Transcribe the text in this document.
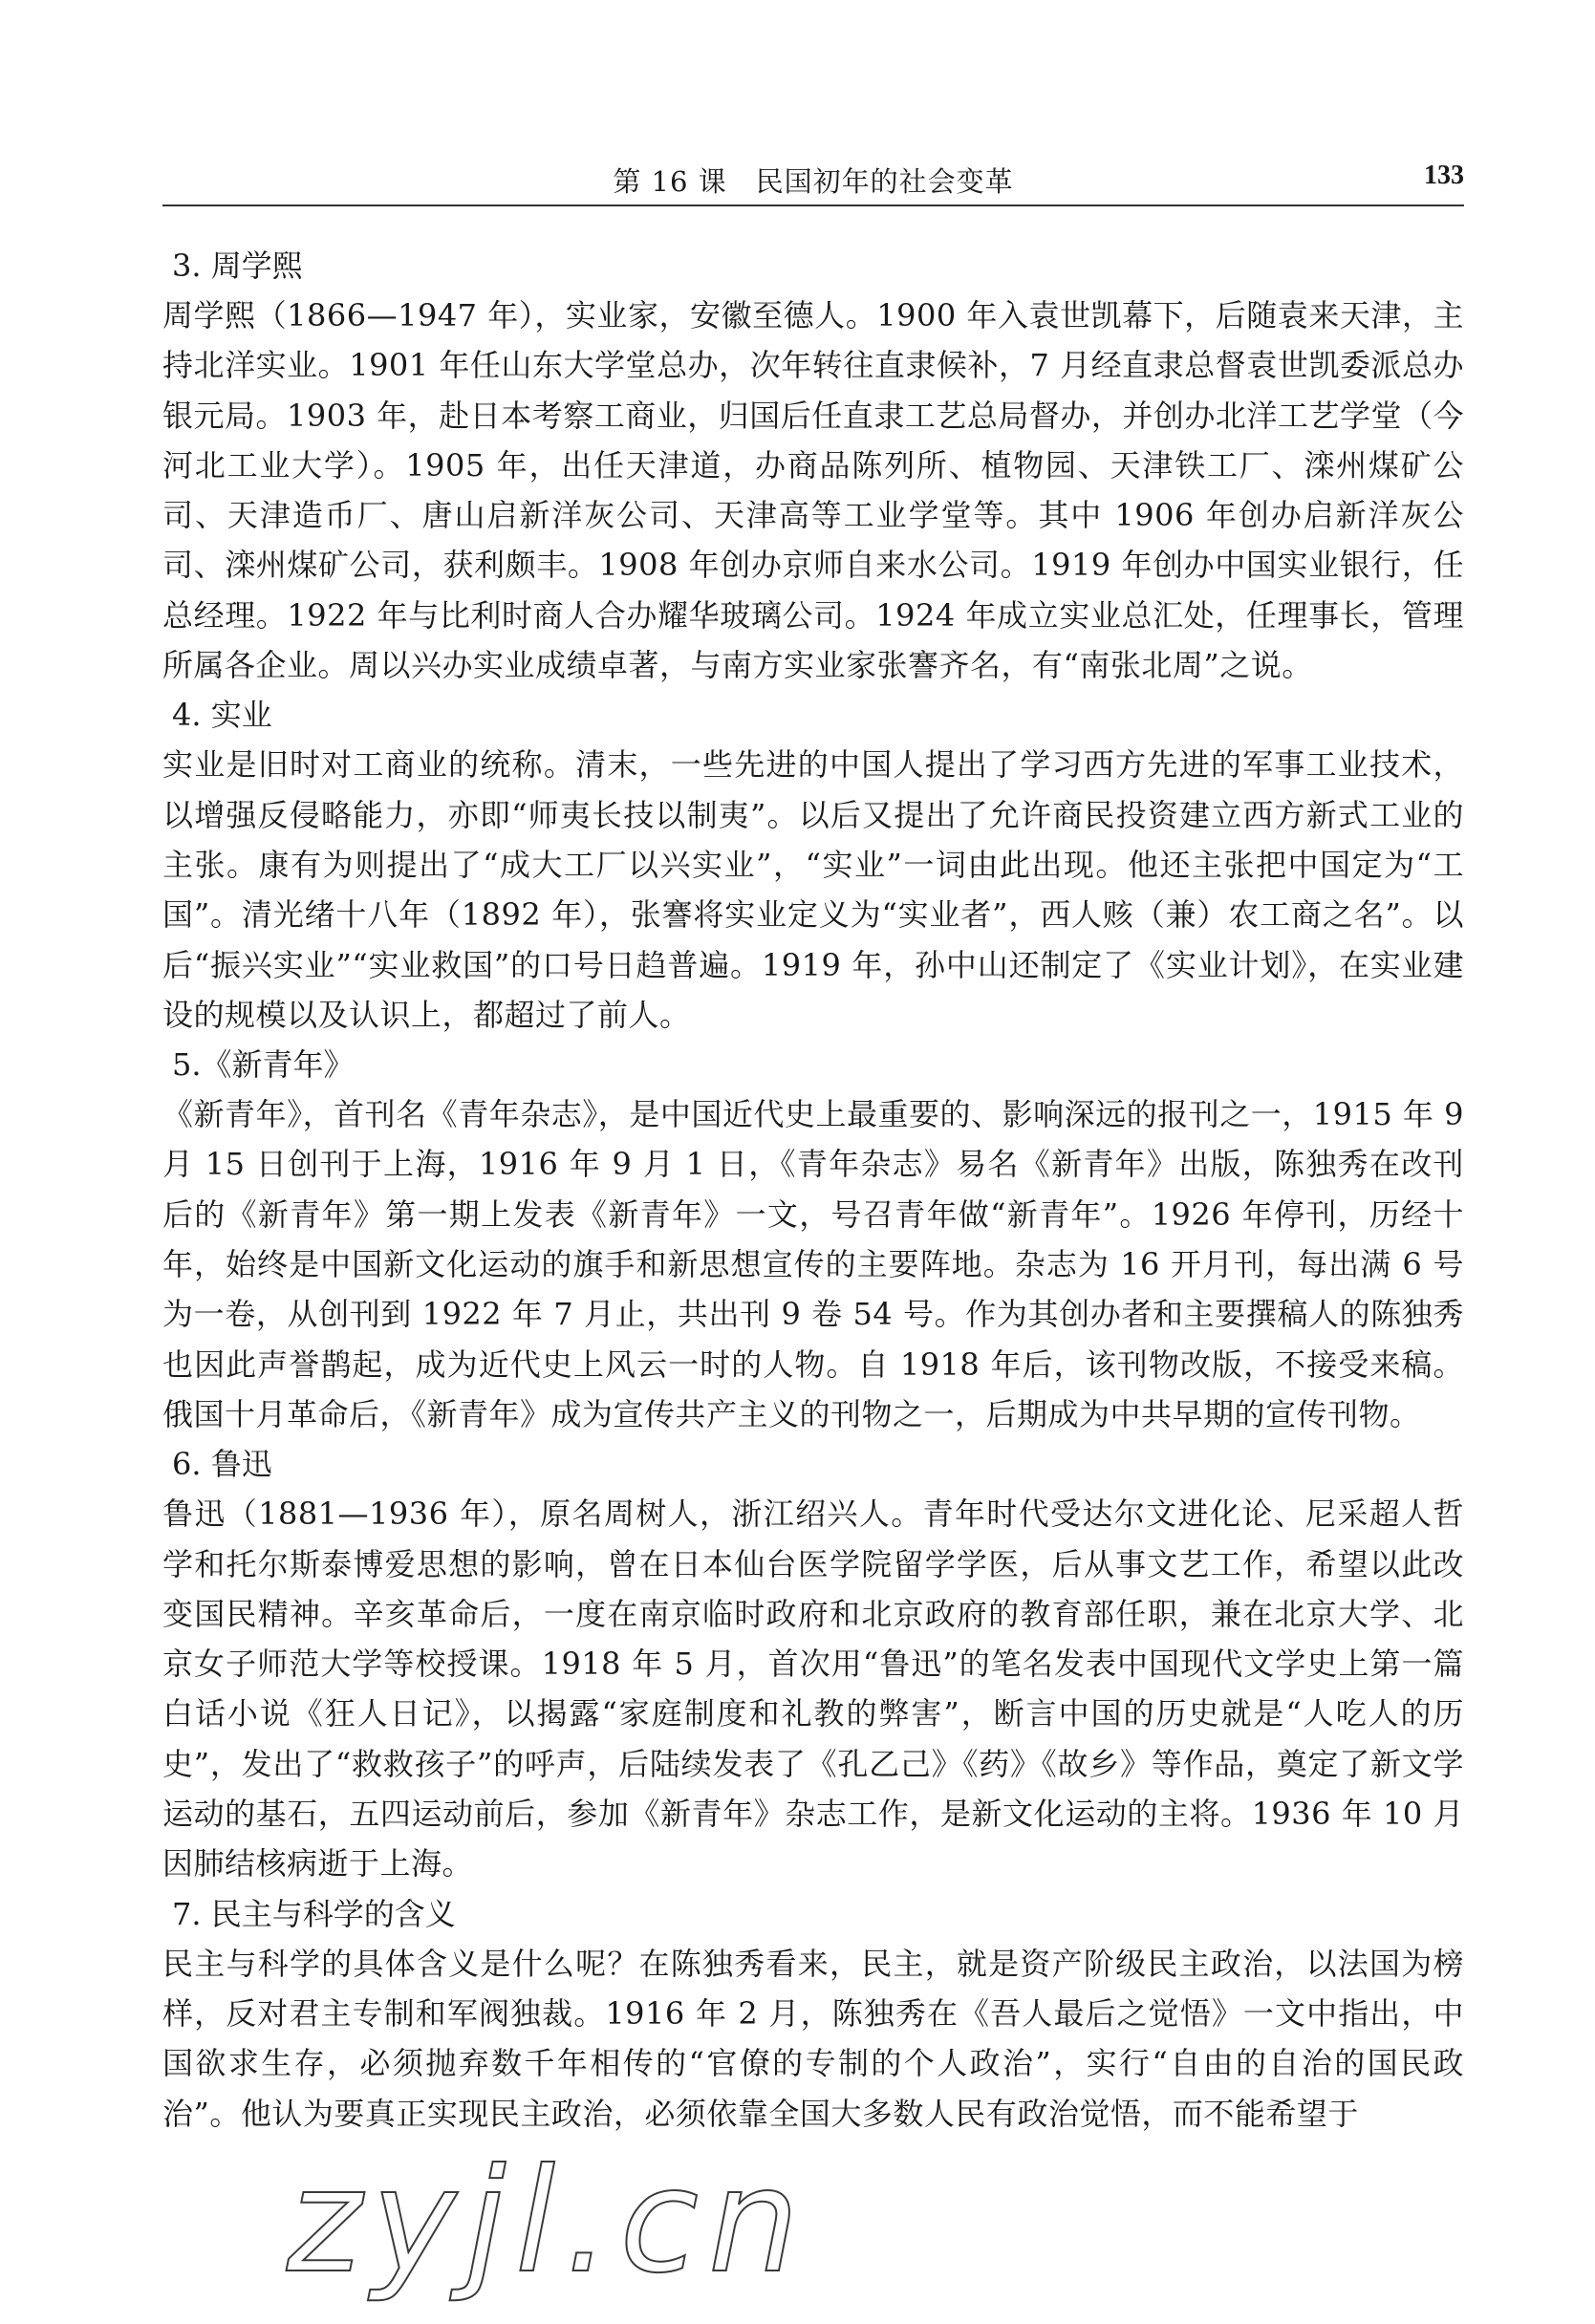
第 16 课　民国初年的社会变革	133

3. 周学熙

周学熙（1866—1947 年），实业家，安徽至德人。1900 年入袁世凯幕下，后随袁来天津，主持北洋实业。1901 年任山东大学堂总办，次年转往直隶候补，7 月经直隶总督袁世凯委派总办银元局。1903 年，赴日本考察工商业，归国后任直隶工艺总局督办，并创办北洋工艺学堂（今河北工业大学）。1905 年，出任天津道，办商品陈列所、植物园、天津铁工厂、滦州煤矿公司、天津造币厂、唐山启新洋灰公司、天津高等工业学堂等。其中 1906 年创办启新洋灰公司、滦州煤矿公司，获利颇丰。1908 年创办京师自来水公司。1919 年创办中国实业银行，任总经理。1922 年与比利时商人合办耀华玻璃公司。1924 年成立实业总汇处，任理事长，管理所属各企业。周以兴办实业成绩卓著，与南方实业家张謇齐名，有“南张北周”之说。

4. 实业

实业是旧时对工商业的统称。清末，一些先进的中国人提出了学习西方先进的军事工业技术，以增强反侵略能力，亦即“师夷长技以制夷”。以后又提出了允许商民投资建立西方新式工业的主张。康有为则提出了“成大工厂以兴实业”，“实业”一词由此出现。他还主张把中国定为“工国”。清光绪十八年（1892 年），张謇将实业定义为“实业者”，西人赅（兼）农工商之名”。以后“振兴实业”“实业救国”的口号日趋普遍。1919 年，孙中山还制定了《实业计划》，在实业建设的规模以及认识上，都超过了前人。

5.《新青年》

《新青年》，首刊名《青年杂志》，是中国近代史上最重要的、影响深远的报刊之一，1915 年 9 月 15 日创刊于上海，1916 年 9 月 1 日，《青年杂志》易名《新青年》出版，陈独秀在改刊后的《新青年》第一期上发表《新青年》一文，号召青年做“新青年”。1926 年停刊，历经十年，始终是中国新文化运动的旗手和新思想宣传的主要阵地。杂志为 16 开月刊，每出满 6 号为一卷，从创刊到 1922 年 7 月止，共出刊 9 卷 54 号。作为其创办者和主要撰稿人的陈独秀也因此声誉鹊起，成为近代史上风云一时的人物。自 1918 年后，该刊物改版，不接受来稿。俄国十月革命后，《新青年》成为宣传共产主义的刊物之一，后期成为中共早期的宣传刊物。

6. 鲁迅

鲁迅（1881—1936 年），原名周树人，浙江绍兴人。青年时代受达尔文进化论、尼采超人哲学和托尔斯泰博爱思想的影响，曾在日本仙台医学院留学学医，后从事文艺工作，希望以此改变国民精神。辛亥革命后，一度在南京临时政府和北京政府的教育部任职，兼在北京大学、北京女子师范大学等校授课。1918 年 5 月，首次用“鲁迅”的笔名发表中国现代文学史上第一篇白话小说《狂人日记》，以揭露“家庭制度和礼教的弊害”，断言中国的历史就是“人吃人的历史”，发出了“救救孩子”的呼声，后陆续发表了《孔乙己》《药》《故乡》等作品，奠定了新文学运动的基石，五四运动前后，参加《新青年》杂志工作，是新文化运动的主将。1936 年 10 月因肺结核病逝于上海。

7. 民主与科学的含义

民主与科学的具体含义是什么呢？在陈独秀看来，民主，就是资产阶级民主政治，以法国为榜样，反对君主专制和军阀独裁。1916 年 2 月，陈独秀在《吾人最后之觉悟》一文中指出，中国欲求生存，必须抛弃数千年相传的“官僚的专制的个人政治”，实行“自由的自治的国民政治”。他认为要真正实现民主政治，必须依靠全国大多数人民有政治觉悟，而不能希望于

zyjl.cn
